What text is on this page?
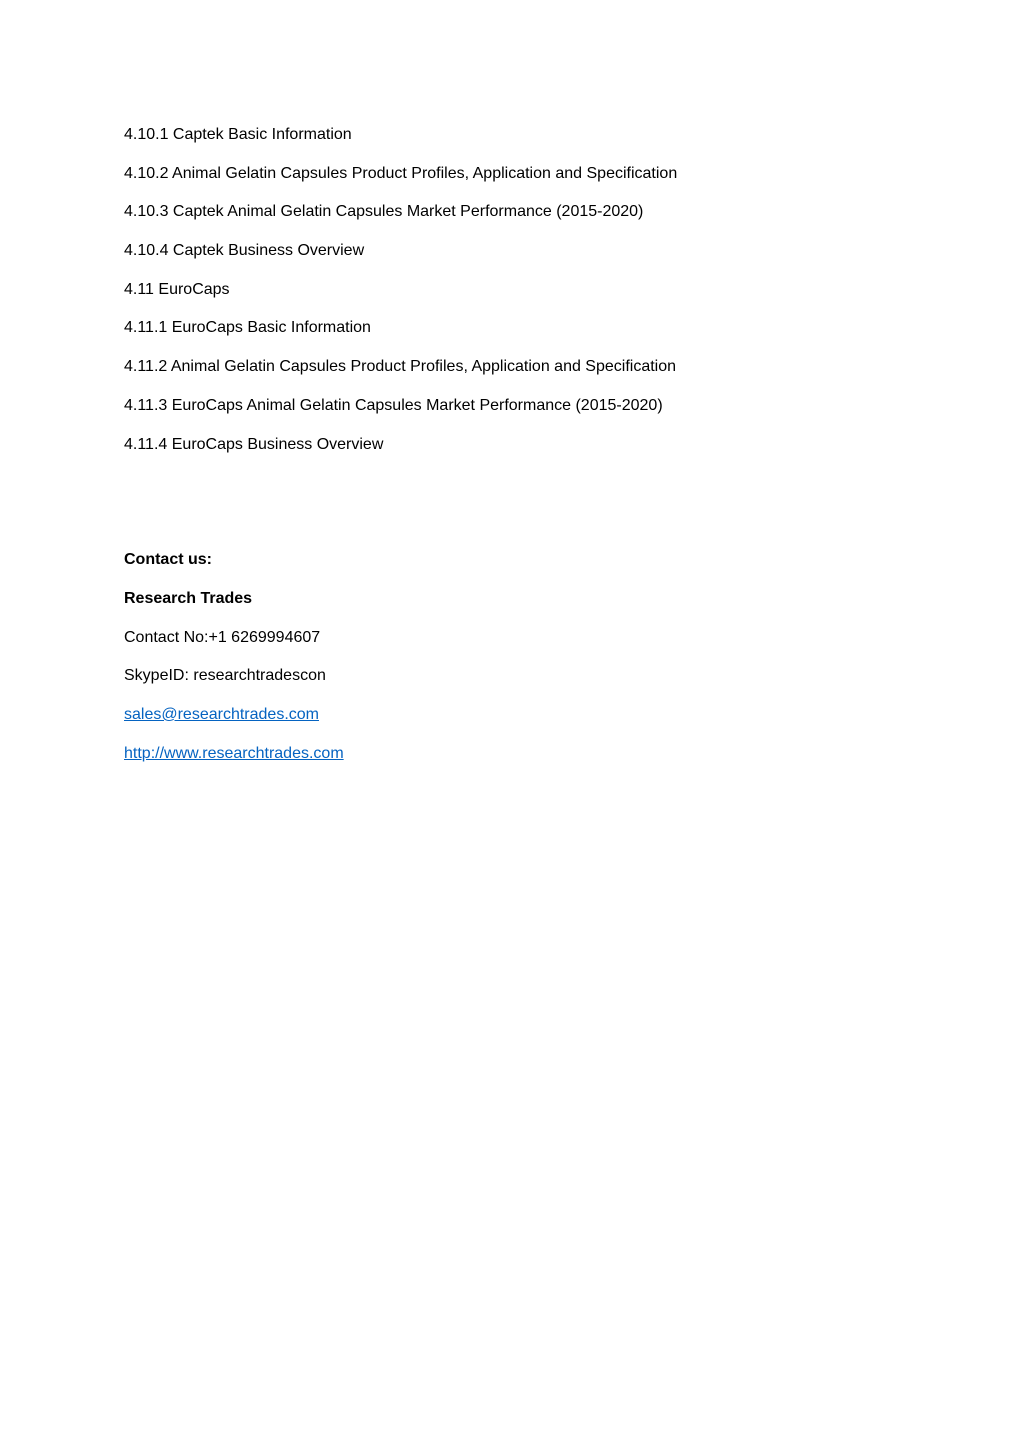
4.10.1 Captek Basic Information
4.10.2 Animal Gelatin Capsules Product Profiles, Application and Specification
4.10.3 Captek Animal Gelatin Capsules Market Performance (2015-2020)
4.10.4 Captek Business Overview
4.11 EuroCaps
4.11.1 EuroCaps Basic Information
4.11.2 Animal Gelatin Capsules Product Profiles, Application and Specification
4.11.3 EuroCaps Animal Gelatin Capsules Market Performance (2015-2020)
4.11.4 EuroCaps Business Overview
Contact us:
Research Trades
Contact No:+1 6269994607
SkypeID: researchtradescon
sales@researchtrades.com
http://www.researchtrades.com
